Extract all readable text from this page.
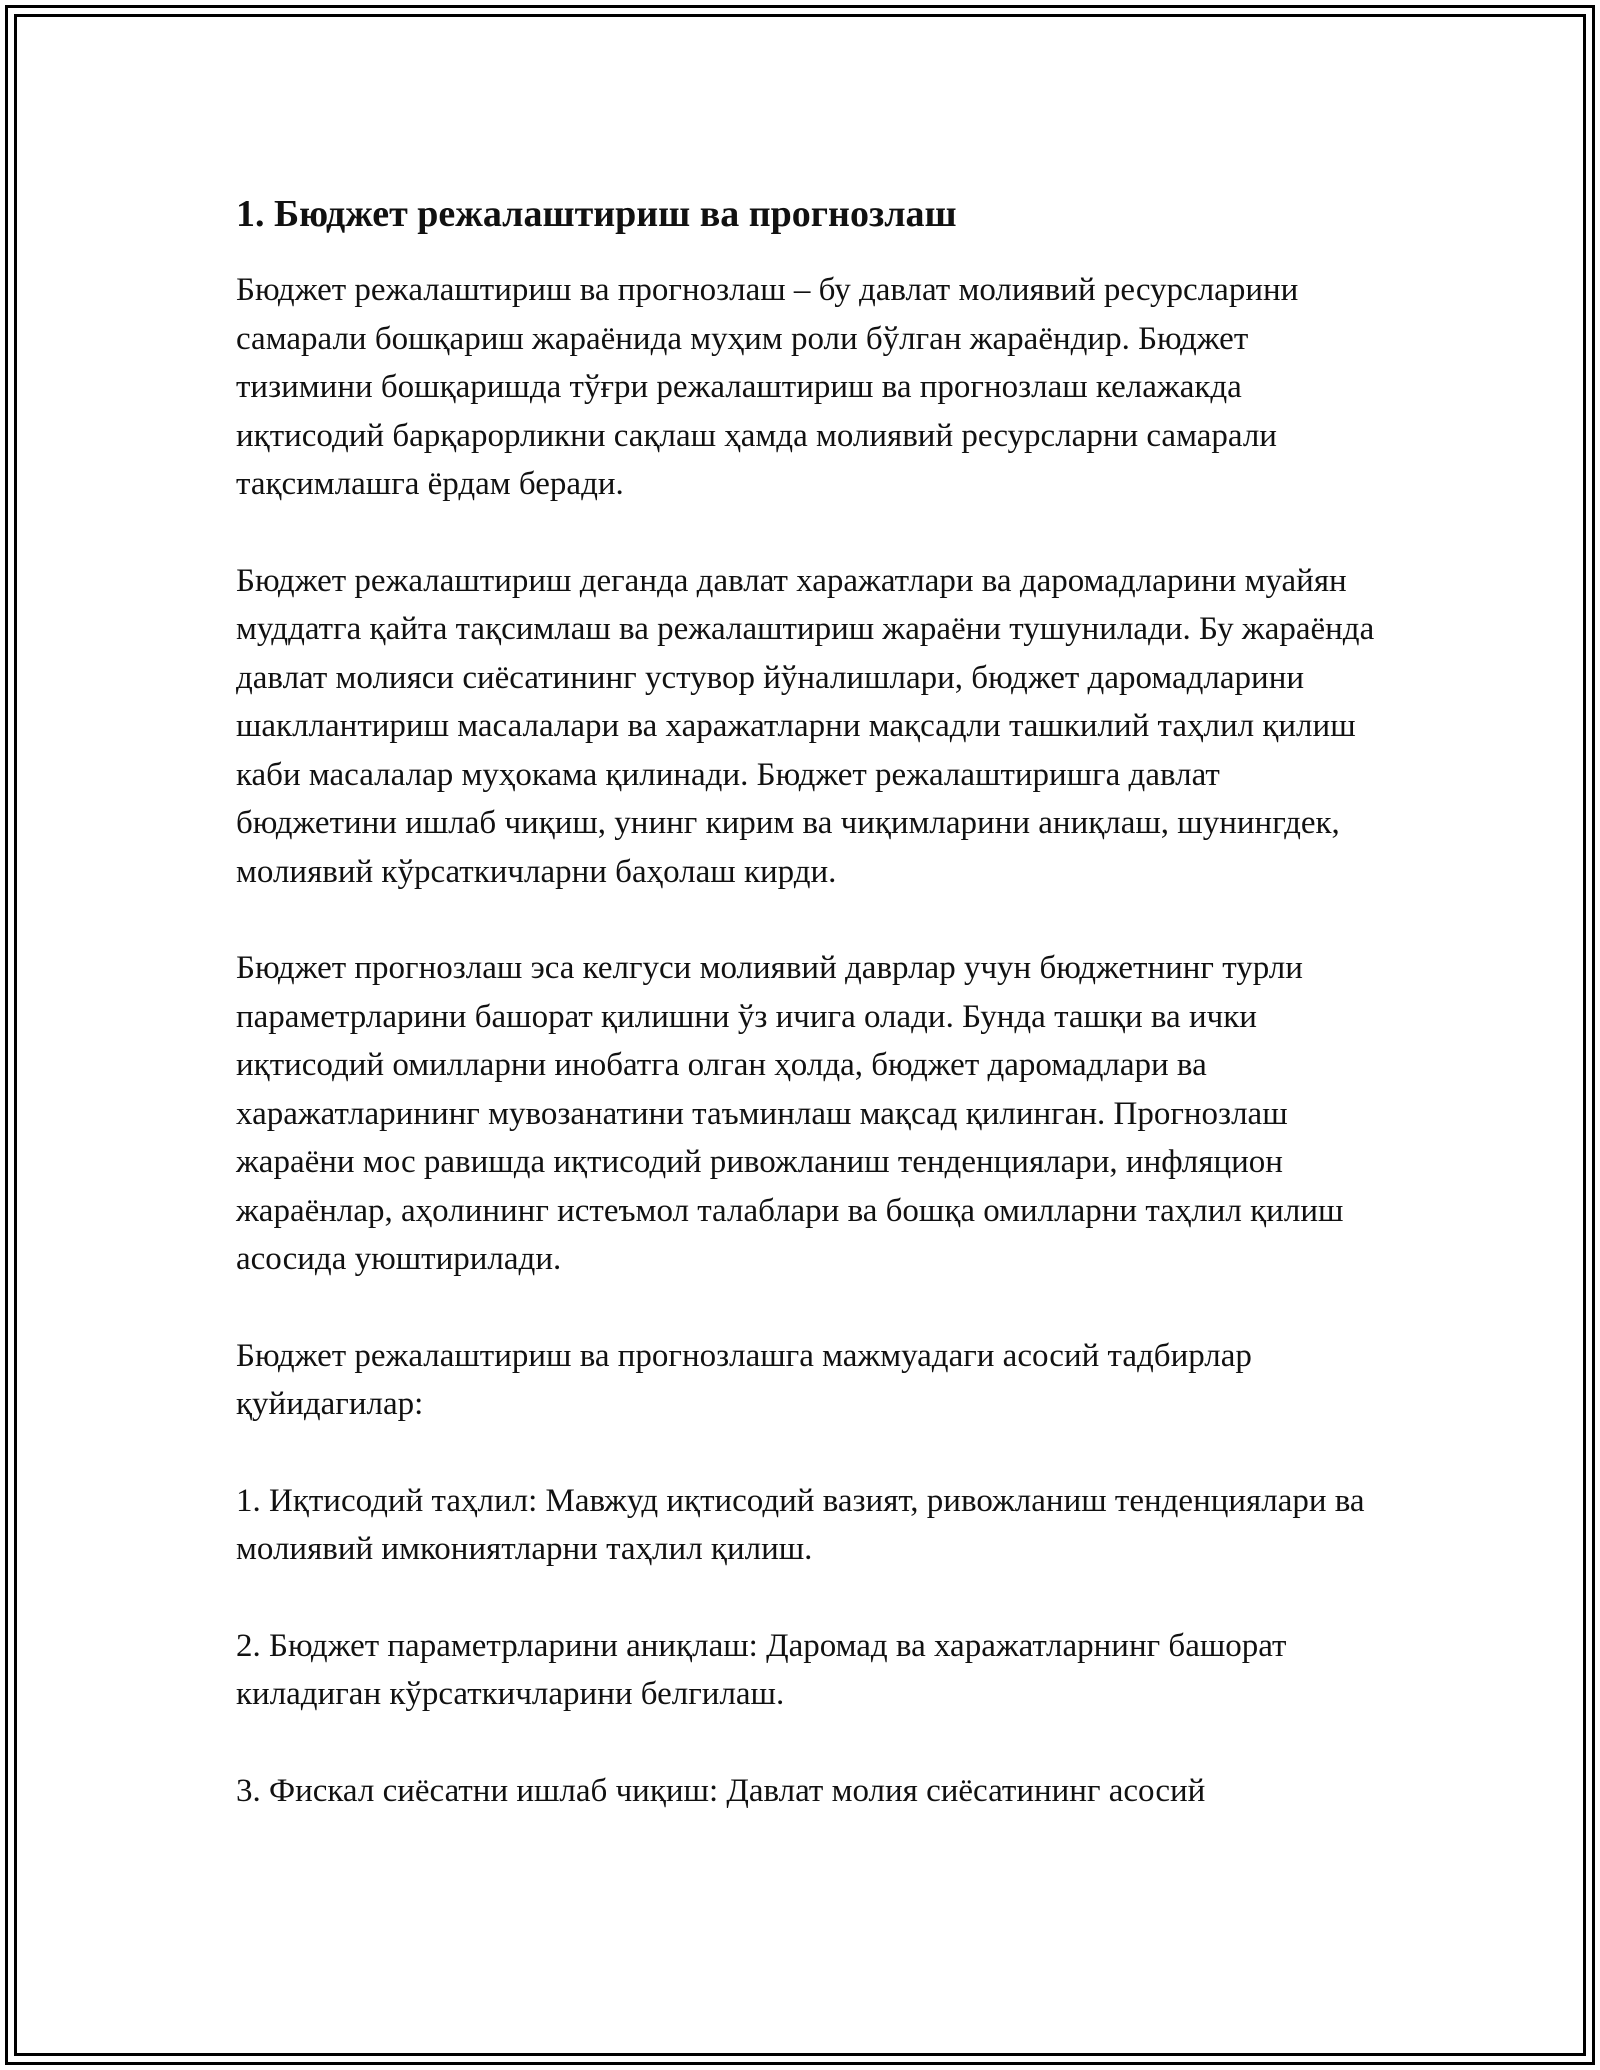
1. Бюджет режалаштириш ва прогнозлаш

Бюджет режалаштириш ва прогнозлаш – бу давлат молиявий ресурсларини самарали бошқариш жараёнида муҳим роли бўлган жараёндир. Бюджет тизимини бошқаришда тўғри режалаштириш ва прогнозлаш келажакда иқтисодий барқарорликни сақлаш ҳамда молиявий ресурсларни самарали тақсимлашга ёрдам беради.

Бюджет режалаштириш деганда давлат харажатлари ва даромадларини муайян муддатга қайта тақсимлаш ва режалаштириш жараёни тушунилади. Бу жараёнда давлат молияси сиёсатининг устувор йўналишлари, бюджет даромадларини шакллантириш масалалари ва харажатларни мақсадли ташкилий таҳлил қилиш каби масалалар муҳокама қилинади. Бюджет режалаштиришга давлат бюджетини ишлаб чиқиш, унинг кирим ва чиқимларини аниқлаш, шунингдек, молиявий кўрсаткичларни баҳолаш кирди.

Бюджет прогнозлаш эса келгуси молиявий даврлар учун бюджетнинг турли параметрларини башорат қилишни ўз ичига олади. Бунда ташқи ва ички иқтисодий омилларни инобатга олган ҳолда, бюджет даромадлари ва харажатларининг мувозанатини таъминлаш мақсад қилинган. Прогнозлаш жараёни мос равишда иқтисодий ривожланиш тенденциялари, инфляцион жараёнлар, аҳолининг истеъмол талаблари ва бошқа омилларни таҳлил қилиш асосида уюштирилади.

Бюджет режалаштириш ва прогнозлашга мажмуадаги асосий тадбирлар қуйидагилар:

1. Иқтисодий таҳлил: Мавжуд иқтисодий вазият, ривожланиш тенденциялари ва молиявий имкониятларни таҳлил қилиш.

2. Бюджет параметрларини аниқлаш: Даромад ва харажатларнинг башорат киладиган кўрсаткичларини белгилаш.

3. Фискал сиёсатни ишлаб чиқиш: Давлат молия сиёсатининг асосий
